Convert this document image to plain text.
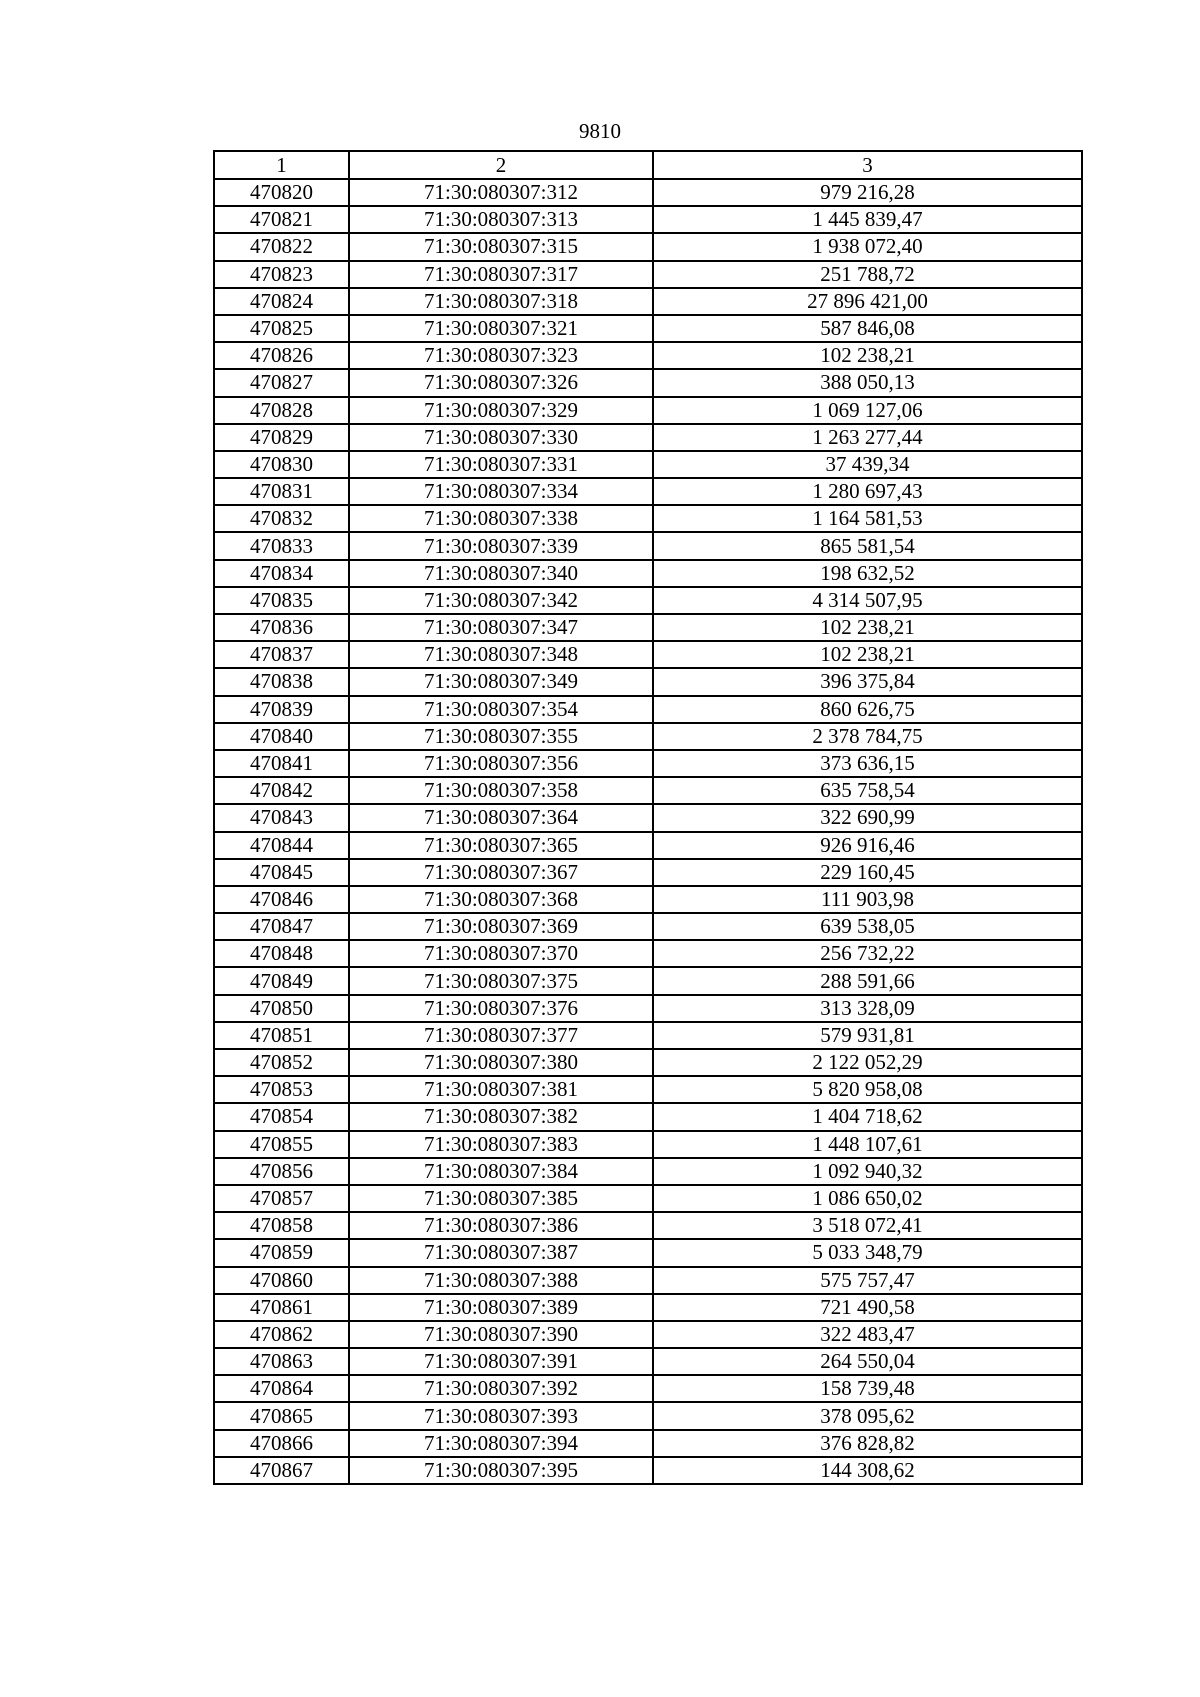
9810
1	2	3
470820	71:30:080307:312	979 216,28
470821	71:30:080307:313	1 445 839,47
470822	71:30:080307:315	1 938 072,40
470823	71:30:080307:317	251 788,72
470824	71:30:080307:318	27 896 421,00
470825	71:30:080307:321	587 846,08
470826	71:30:080307:323	102 238,21
470827	71:30:080307:326	388 050,13
470828	71:30:080307:329	1 069 127,06
470829	71:30:080307:330	1 263 277,44
470830	71:30:080307:331	37 439,34
470831	71:30:080307:334	1 280 697,43
470832	71:30:080307:338	1 164 581,53
470833	71:30:080307:339	865 581,54
470834	71:30:080307:340	198 632,52
470835	71:30:080307:342	4 314 507,95
470836	71:30:080307:347	102 238,21
470837	71:30:080307:348	102 238,21
470838	71:30:080307:349	396 375,84
470839	71:30:080307:354	860 626,75
470840	71:30:080307:355	2 378 784,75
470841	71:30:080307:356	373 636,15
470842	71:30:080307:358	635 758,54
470843	71:30:080307:364	322 690,99
470844	71:30:080307:365	926 916,46
470845	71:30:080307:367	229 160,45
470846	71:30:080307:368	111 903,98
470847	71:30:080307:369	639 538,05
470848	71:30:080307:370	256 732,22
470849	71:30:080307:375	288 591,66
470850	71:30:080307:376	313 328,09
470851	71:30:080307:377	579 931,81
470852	71:30:080307:380	2 122 052,29
470853	71:30:080307:381	5 820 958,08
470854	71:30:080307:382	1 404 718,62
470855	71:30:080307:383	1 448 107,61
470856	71:30:080307:384	1 092 940,32
470857	71:30:080307:385	1 086 650,02
470858	71:30:080307:386	3 518 072,41
470859	71:30:080307:387	5 033 348,79
470860	71:30:080307:388	575 757,47
470861	71:30:080307:389	721 490,58
470862	71:30:080307:390	322 483,47
470863	71:30:080307:391	264 550,04
470864	71:30:080307:392	158 739,48
470865	71:30:080307:393	378 095,62
470866	71:30:080307:394	376 828,82
470867	71:30:080307:395	144 308,62
